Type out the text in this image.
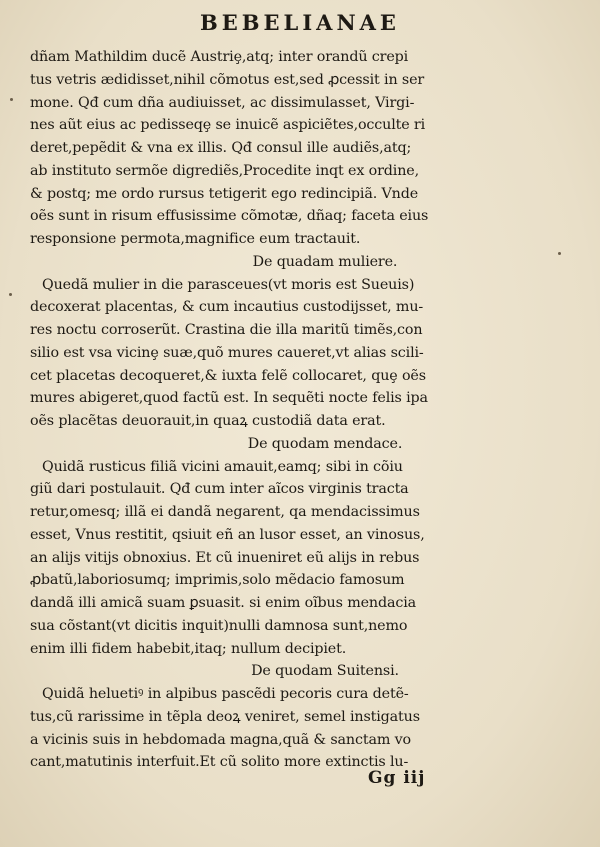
BEBELIANAE
dñam Mathildim ducẽ Austriȩ,atq; inter orandũ crepi
tus vetris ædidisset,nihil cõmotus est,sed ꝓcessit in ser
mone. Qđ cum dña audiuisset, ac dissimulasset, Virgi-
nes aũt eius ac pedisseqȩ se inuicẽ aspiciẽtes,occulte ri
deret,pepẽdit & vna ex illis. Qđ consul ille audiẽs,atq;
ab instituto sermõe digrediẽs,Procedite inqt ex ordine,
& postq; me ordo rursus tetigerit ego redincipiã. Vnde
oẽs sunt in risum effusissime cõmotæ, dñaq; faceta eius
responsione permota,magnifice eum tractauit.
De quadam muliere.
Quedã mulier in die parasceues(vt moris est Sueuis)
decoxerat placentas, & cum incautius custodijsset, mu-
res noctu corroserũt. Crastina die illa maritũ timẽs,con
silio est vsa vicinȩ suæ,quõ mures caueret,vt alias scili-
cet placetas decoqueret,& iuxta felẽ collocaret, quȩ oẽs
mures abigeret,quod factũ est. In sequẽti nocte felis ipa
oẽs placẽtas deuorauit,in quaꝝ custodiã data erat.
De quodam mendace.
Quidã rusticus filiã vicini amauit,eamq; sibi in cõiu
giũ dari postulauit. Qđ cum inter aĩcos virginis tracta
retur,omesq; illã ei dandã negarent, qa mendacissimus
esset, Vnus restitit, qsiuit eñ an lusor esset, an vinosus,
an alijs vitijs obnoxius. Et cũ inueniret eũ alijs in rebus
ꝓbatũ,laboriosumq; imprimis,solo mẽdacio famosum
dandã illi amicã suam ꝑsuasit. si enim oĩbus mendacia
sua cõstant(vt dicitis inquit)nulli damnosa sunt,nemo
enim illi fidem habebit,itaq; nullum decipiet.
De quodam Suitensi.
Quidã heluetiꝰ in alpibus pascẽdi pecoris cura detẽ-
tus,cũ rarissime in tẽpla deoꝝ veniret, semel instigatus
a vicinis suis in hebdomada magna,quã & sanctam vo
cant,matutinis interfuit.Et cũ solito more extinctis lu-
Gg iij
